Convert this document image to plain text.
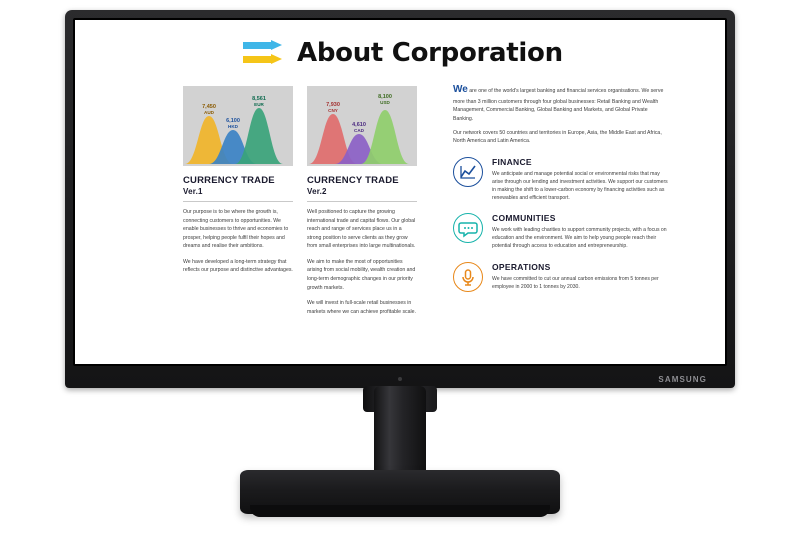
SAMSUNG
About Corporation
7,450
AUD
6,100
HKD
8,561
EUR
CURRENCY TRADE Ver.1
Our purpose is to be where the growth is, connecting customers to opportunities. We enable businesses to thrive and economies to prosper, helping people fulfil their hopes and dreams and realise their ambitions.
We have developed a long-term strategy that reflects our purpose and distinctive advantages.
7,930
CNY
4,610
CAD
8,100
USD
CURRENCY TRADE Ver.2
Well positioned to capture the growing international trade and capital flows. Our global reach and range of services place us in a strong position to serve clients as they grow from small enterprises into large multinationals.
We aim to make the most of opportunities arising from social mobility, wealth creation and long-term demographic changes in our priority growth markets.
We will invest in full-scale retail businesses in markets where we can achieve profitable scale.
We are one of the world's largest banking and financial services organisations. We serve more than 3 million customers through four global businesses: Retail Banking and Wealth Management, Commercial Banking, Global Banking and Markets, and Global Private Banking.
Our network covers 50 countries and territories in Europe, Asia, the Middle East and Africa, North America and Latin America.
FINANCE
We anticipate and manage potential social or environmental risks that may arise through our lending and investment activities. We support our customers in making the shift to a lower-carbon economy by financing activities such as renewables and efficient transport.
COMMUNITIES
We work with leading charities to support community projects, with a focus on education and the environment. We aim to help young people reach their potential through access to education and entrepreneurship.
OPERATIONS
We have committed to cut our annual carbon emissions from 5 tonnes per employee in 2000 to 1 tonnes by 2030.
